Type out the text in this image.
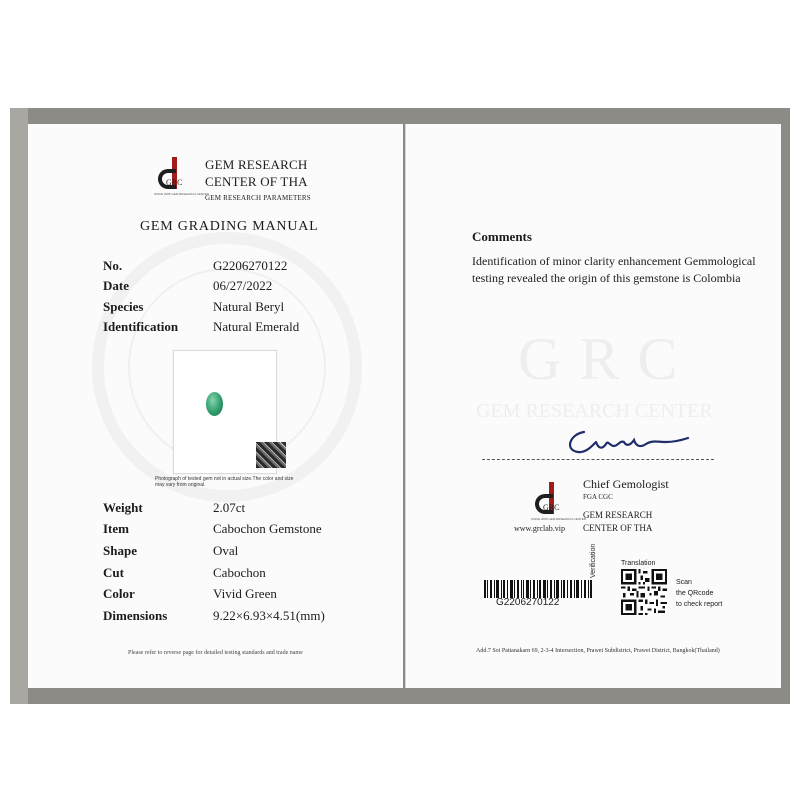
GRC
SINCE 2005 GEM RESEARCH CENTER
GEM RESEARCH
CENTER OF THA
GEM RESEARCH PARAMETERS
GEM GRADING MANUAL
No.	G2206270122
Date	06/27/2022
Species	Natural Beryl
Identification	Natural Emerald
Photograph of tested gem not in actual size.The color and size may vary from original.
Weight	2.07ct
Item	Cabochon Gemstone
Shape	Oval
Cut	Cabochon
Color	Vivid Green
Dimensions	9.22×6.93×4.51(mm)
Please refer to reverse page for detailed testing standards and trade name
GRC
GEM RESEARCH CENTER
Comments
Identification of minor clarity enhancement Gemmological testing revealed the origin of this gemstone is Colombia
GRC
SINCE 2005 GEM RESEARCH CENTER
www.grclab.vip
Chief Gemologist
FGA CGC
GEM RESEARCH
CENTER OF THA
G2206270122
Verification	Translation
Scan
the QRcode
to check report
Add.7 Soi Pattanakarn 69, 2-3-4 Intersection, Prawet Subdistrict, Prawet District, Bangkok(Thailand)
